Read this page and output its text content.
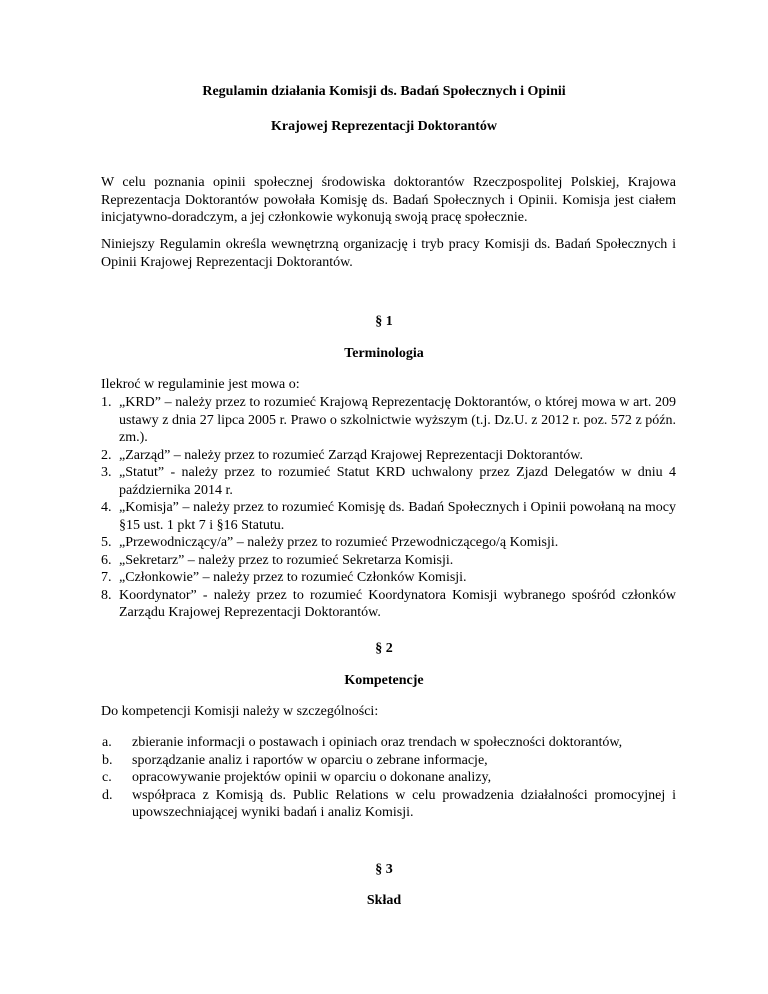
Regulamin działania Komisji ds. Badań Społecznych i Opinii
Krajowej Reprezentacji Doktorantów

W celu poznania opinii społecznej środowiska doktorantów Rzeczpospolitej Polskiej, Krajowa Reprezentacja Doktorantów powołała Komisję ds. Badań Społecznych i Opinii. Komisja jest ciałem inicjatywno-doradczym, a jej członkowie wykonują swoją pracę społecznie.

Niniejszy Regulamin określa wewnętrzną organizację i tryb pracy Komisji ds. Badań Społecznych i Opinii Krajowej Reprezentacji Doktorantów.

§ 1
Terminologia
Ilekroć w regulaminie jest mowa o:
1. „KRD” – należy przez to rozumieć Krajową Reprezentację Doktorantów, o której mowa w art. 209 ustawy z dnia 27 lipca 2005 r. Prawo o szkolnictwie wyższym (t.j. Dz.U. z 2012 r. poz. 572 z późn. zm.).
2. „Zarząd” – należy przez to rozumieć Zarząd Krajowej Reprezentacji Doktorantów.
3. „Statut” - należy przez to rozumieć Statut KRD uchwalony przez Zjazd Delegatów w dniu 4 października 2014 r.
4. „Komisja” – należy przez to rozumieć Komisję ds. Badań Społecznych i Opinii powołaną na mocy §15 ust. 1 pkt 7 i §16 Statutu.
5. „Przewodniczący/a” – należy przez to rozumieć Przewodniczącego/ą Komisji.
6. „Sekretarz” – należy przez to rozumieć Sekretarza Komisji.
7. „Członkowie” – należy przez to rozumieć Członków Komisji.
8. Koordynator” - należy przez to rozumieć Koordynatora Komisji wybranego spośród członków Zarządu Krajowej Reprezentacji Doktorantów.
§ 2
Kompetencje
Do kompetencji Komisji należy w szczególności:
a. zbieranie informacji o postawach i opiniach oraz trendach w społeczności doktorantów,
b. sporządzanie analiz i raportów w oparciu o zebrane informacje,
c. opracowywanie projektów opinii w oparciu o dokonane analizy,
d. współpraca z Komisją ds. Public Relations w celu prowadzenia działalności promocyjnej i upowszechniającej wyniki badań i analiz Komisji.
§ 3
Skład
